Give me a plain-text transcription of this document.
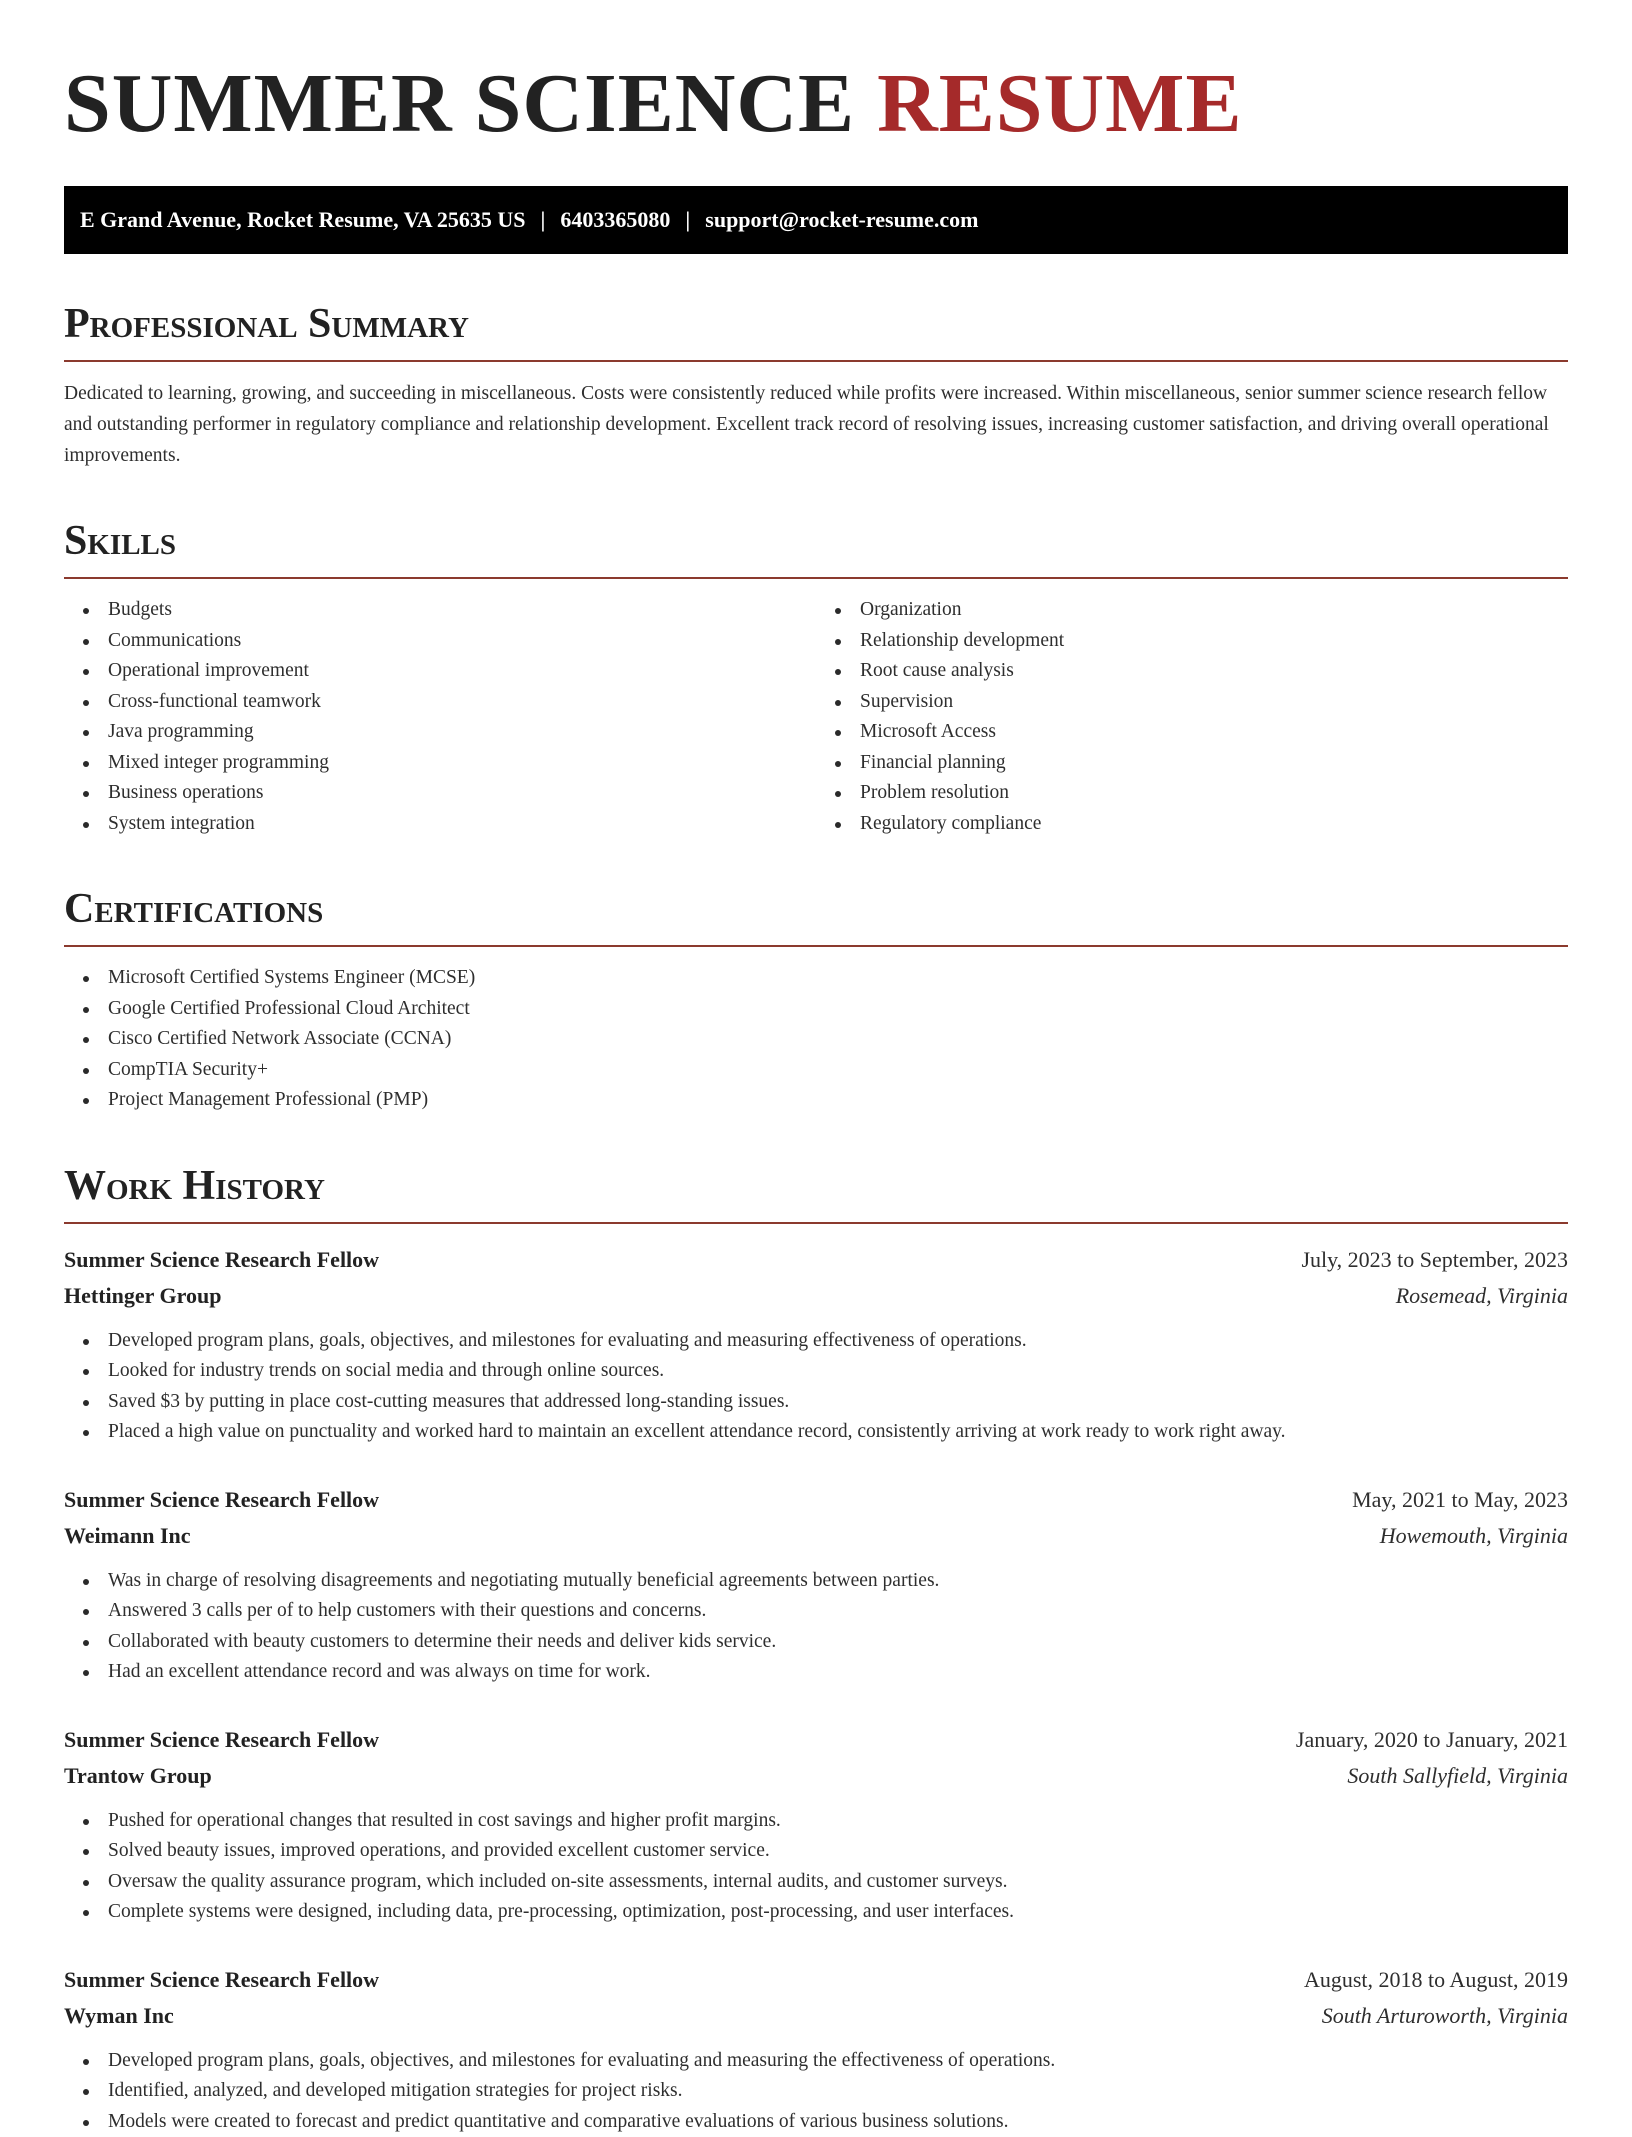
SUMMER SCIENCE RESUME
E Grand Avenue, Rocket Resume, VA 25635 US | 6403365080 | support@rocket-resume.com
Professional Summary

Dedicated to learning, growing, and succeeding in miscellaneous. Costs were consistently reduced while profits were increased. Within miscellaneous, senior summer science research fellow and outstanding performer in regulatory compliance and relationship development. Excellent track record of resolving issues, increasing customer satisfaction, and driving overall operational improvements.

Skills
Budgets
Communications
Operational improvement
Cross-functional teamwork
Java programming
Mixed integer programming
Business operations
System integration
Organization
Relationship development
Root cause analysis
Supervision
Microsoft Access
Financial planning
Problem resolution
Regulatory compliance
Certifications
Microsoft Certified Systems Engineer (MCSE)
Google Certified Professional Cloud Architect
Cisco Certified Network Associate (CCNA)
CompTIA Security+
Project Management Professional (PMP)
Work History
Summer Science Research Fellow	July, 2023 to September, 2023
Hettinger Group	Rosemead, Virginia
Developed program plans, goals, objectives, and milestones for evaluating and measuring effectiveness of operations.
Looked for industry trends on social media and through online sources.
Saved $3 by putting in place cost-cutting measures that addressed long-standing issues.
Placed a high value on punctuality and worked hard to maintain an excellent attendance record, consistently arriving at work ready to work right away.
Summer Science Research Fellow	May, 2021 to May, 2023
Weimann Inc	Howemouth, Virginia
Was in charge of resolving disagreements and negotiating mutually beneficial agreements between parties.
Answered 3 calls per of to help customers with their questions and concerns.
Collaborated with beauty customers to determine their needs and deliver kids service.
Had an excellent attendance record and was always on time for work.
Summer Science Research Fellow	January, 2020 to January, 2021
Trantow Group	South Sallyfield, Virginia
Pushed for operational changes that resulted in cost savings and higher profit margins.
Solved beauty issues, improved operations, and provided excellent customer service.
Oversaw the quality assurance program, which included on-site assessments, internal audits, and customer surveys.
Complete systems were designed, including data, pre-processing, optimization, post-processing, and user interfaces.
Summer Science Research Fellow	August, 2018 to August, 2019
Wyman Inc	South Arturoworth, Virginia
Developed program plans, goals, objectives, and milestones for evaluating and measuring the effectiveness of operations.
Identified, analyzed, and developed mitigation strategies for project risks.
Models were created to forecast and predict quantitative and comparative evaluations of various business solutions.
